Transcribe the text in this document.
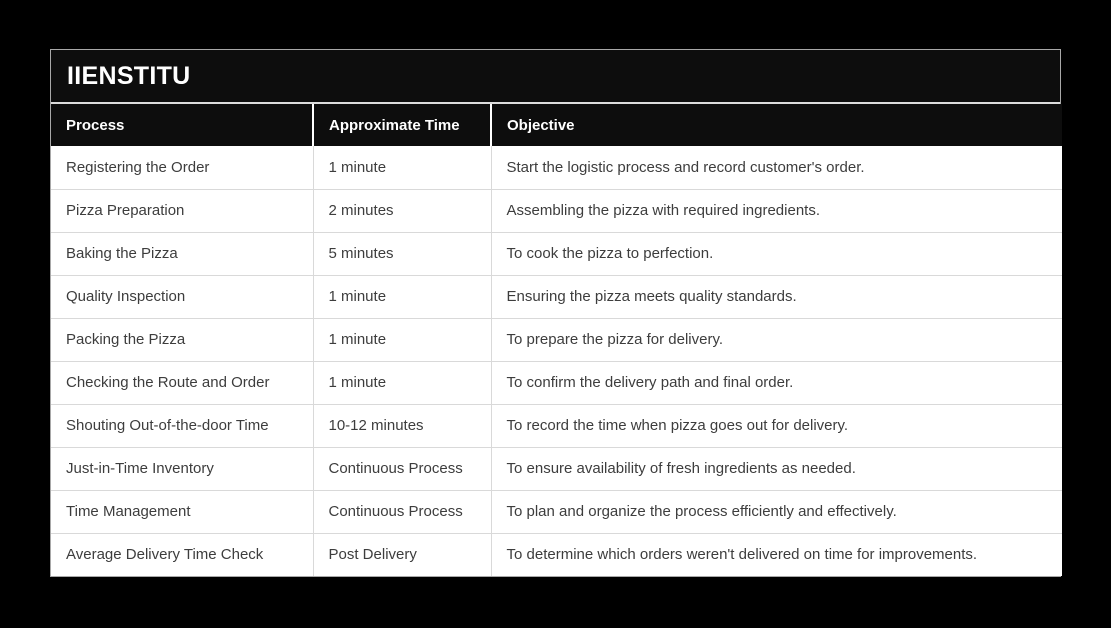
IIENSTITU
Process	Approximate Time	Objective
Registering the Order	1 minute	Start the logistic process and record customer's order.
Pizza Preparation	2 minutes	Assembling the pizza with required ingredients.
Baking the Pizza	5 minutes	To cook the pizza to perfection.
Quality Inspection	1 minute	Ensuring the pizza meets quality standards.
Packing the Pizza	1 minute	To prepare the pizza for delivery.
Checking the Route and Order	1 minute	To confirm the delivery path and final order.
Shouting Out-of-the-door Time	10-12 minutes	To record the time when pizza goes out for delivery.
Just-in-Time Inventory	Continuous Process	To ensure availability of fresh ingredients as needed.
Time Management	Continuous Process	To plan and organize the process efficiently and effectively.
Average Delivery Time Check	Post Delivery	To determine which orders weren't delivered on time for improvements.
